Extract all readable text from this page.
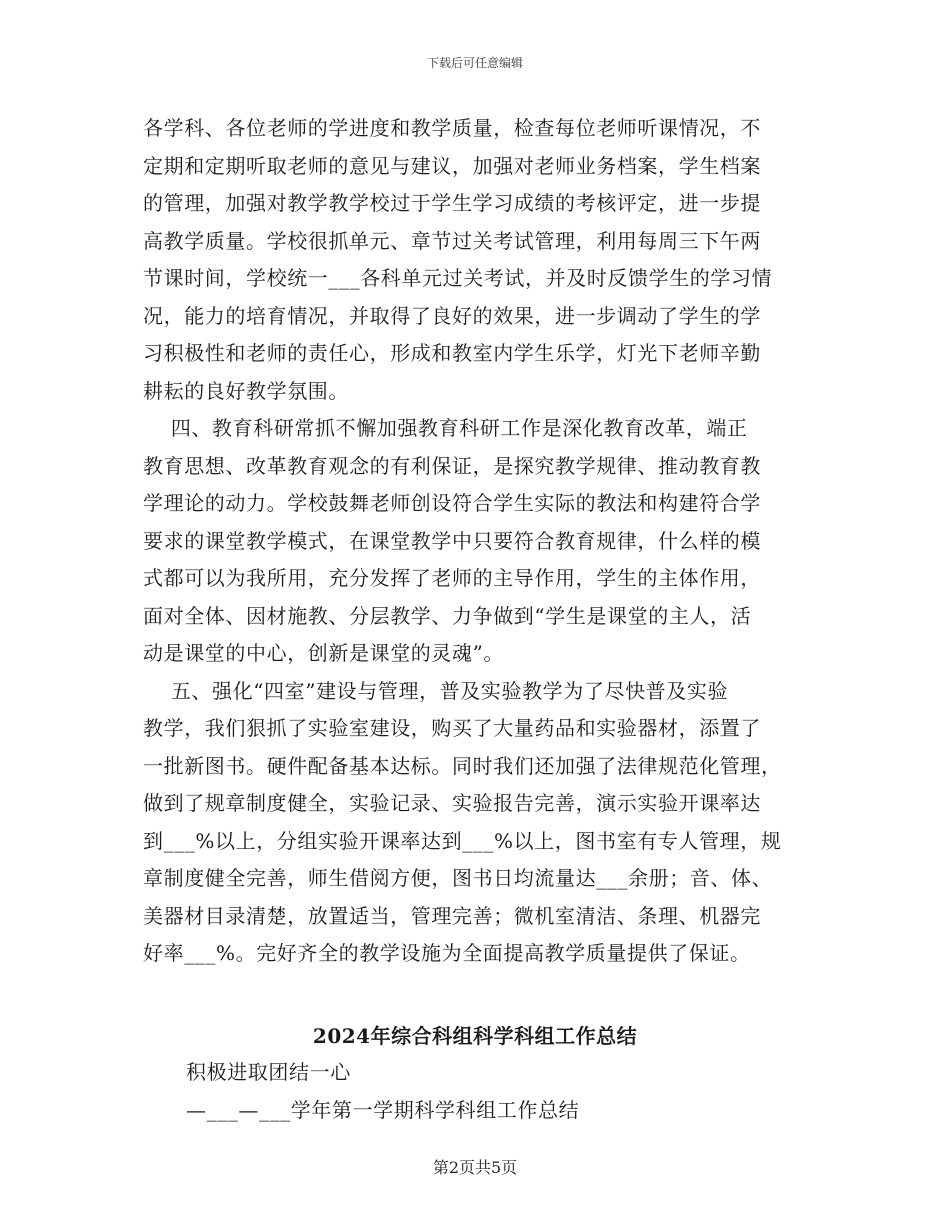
下载后可任意编辑
各学科、各位老师的学进度和教学质量，检查每位老师听课情况，不
定期和定期听取老师的意见与建议，加强对老师业务档案，学生档案
的管理，加强对教学教学校过于学生学习成绩的考核评定，进一步提
高教学质量。学校很抓单元、章节过关考试管理，利用每周三下午两
节课时间，学校统一___各科单元过关考试，并及时反馈学生的学习情
况，能力的培育情况，并取得了良好的效果，进一步调动了学生的学
习积极性和老师的责任心，形成和教室内学生乐学，灯光下老师辛勤
耕耘的良好教学氛围。
四、教育科研常抓不懈加强教育科研工作是深化教育改革，端正
教育思想、改革教育观念的有利保证，是探究教学规律、推动教育教
学理论的动力。学校鼓舞老师创设符合学生实际的教法和构建符合学
要求的课堂教学模式，在课堂教学中只要符合教育规律，什么样的模
式都可以为我所用，充分发挥了老师的主导作用，学生的主体作用，
面对全体、因材施教、分层教学、力争做到“学生是课堂的主人，活
动是课堂的中心，创新是课堂的灵魂”。
五、强化“四室”建设与管理，普及实验教学为了尽快普及实验
教学，我们狠抓了实验室建设，购买了大量药品和实验器材，添置了
一批新图书。硬件配备基本达标。同时我们还加强了法律规范化管理，
做到了规章制度健全，实验记录、实验报告完善，演示实验开课率达
到___%以上，分组实验开课率达到___%以上，图书室有专人管理，规
章制度健全完善，师生借阅方便，图书日均流量达___余册；音、体、
美器材目录清楚，放置适当，管理完善；微机室清洁、条理、机器完
好率___%。完好齐全的教学设施为全面提高教学质量提供了保证。
2024年综合科组科学科组工作总结
积极进取团结一心
—___—___学年第一学期科学科组工作总结
第2页共5页
